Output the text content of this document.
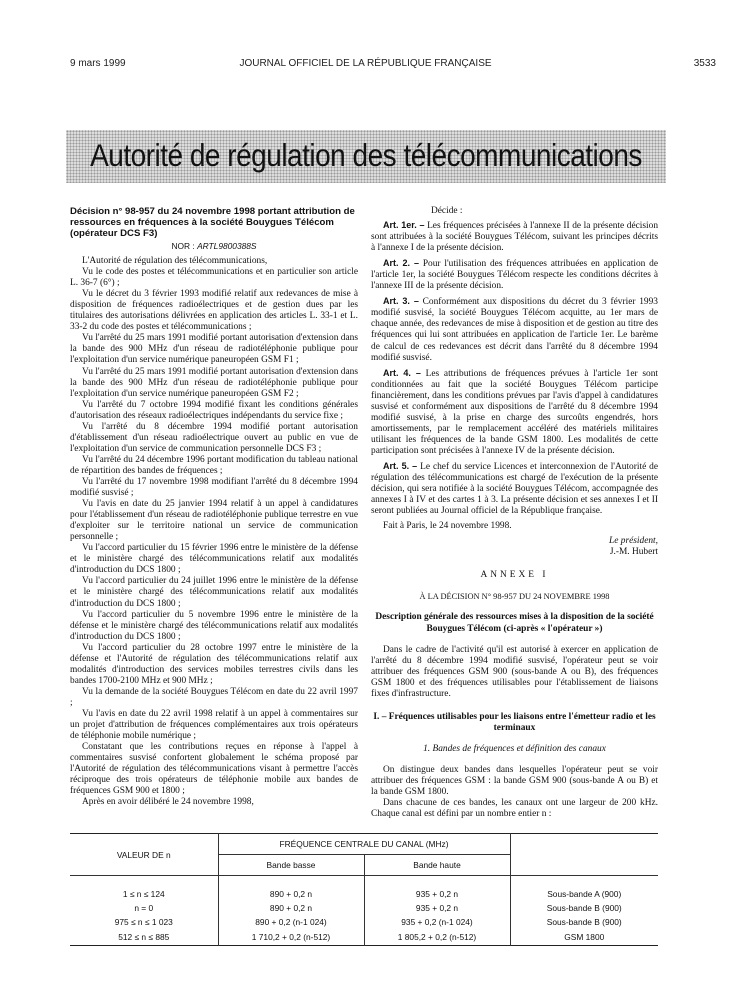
9 mars 1999	JOURNAL OFFICIEL DE LA RÉPUBLIQUE FRANÇAISE	3533
Autorité de régulation des télécommunications

Décision n° 98-957 du 24 novembre 1998 portant attribution de ressources en fréquences à la société Bouygues Télécom (opérateur DCS F3)

NOR : ARTL9800388S

L'Autorité de régulation des télécommunications,

Vu le code des postes et télécommunications et en particulier son article L. 36-7 (6°) ;

Vu le décret du 3 février 1993 modifié relatif aux redevances de mise à disposition de fréquences radioélectriques et de gestion dues par les titulaires des autorisations délivrées en application des articles L. 33-1 et L. 33-2 du code des postes et télécommunications ;

Vu l'arrêté du 25 mars 1991 modifié portant autorisation d'extension dans la bande des 900 MHz d'un réseau de radiotéléphonie publique pour l'exploitation d'un service numérique paneuropéen GSM F1 ;

Vu l'arrêté du 25 mars 1991 modifié portant autorisation d'extension dans la bande des 900 MHz d'un réseau de radiotéléphonie publique pour l'exploitation d'un service numérique paneuropéen GSM F2 ;

Vu l'arrêté du 7 octobre 1994 modifié fixant les conditions générales d'autorisation des réseaux radioélectriques indépendants du service fixe ;

Vu l'arrêté du 8 décembre 1994 modifié portant autorisation d'établissement d'un réseau radioélectrique ouvert au public en vue de l'exploitation d'un service de communication personnelle DCS F3 ;

Vu l'arrêté du 24 décembre 1996 portant modification du tableau national de répartition des bandes de fréquences ;

Vu l'arrêté du 17 novembre 1998 modifiant l'arrêté du 8 décembre 1994 modifié susvisé ;

Vu l'avis en date du 25 janvier 1994 relatif à un appel à candidatures pour l'établissement d'un réseau de radiotéléphonie publique terrestre en vue d'exploiter sur le territoire national un service de communication personnelle ;

Vu l'accord particulier du 15 février 1996 entre le ministère de la défense et le ministère chargé des télécommunications relatif aux modalités d'introduction du DCS 1800 ;

Vu l'accord particulier du 24 juillet 1996 entre le ministère de la défense et le ministère chargé des télécommunications relatif aux modalités d'introduction du DCS 1800 ;

Vu l'accord particulier du 5 novembre 1996 entre le ministère de la défense et le ministère chargé des télécommunications relatif aux modalités d'introduction du DCS 1800 ;

Vu l'accord particulier du 28 octobre 1997 entre le ministère de la défense et l'Autorité de régulation des télécommunications relatif aux modalités d'introduction des services mobiles terrestres civils dans les bandes 1700-2100 MHz et 900 MHz ;

Vu la demande de la société Bouygues Télécom en date du 22 avril 1997 ;

Vu l'avis en date du 22 avril 1998 relatif à un appel à commentaires sur un projet d'attribution de fréquences complémentaires aux trois opérateurs de téléphonie mobile numérique ;

Constatant que les contributions reçues en réponse à l'appel à commentaires susvisé confortent globalement le schéma proposé par l'Autorité de régulation des télécommunications visant à permettre l'accès réciproque des trois opérateurs de téléphonie mobile aux bandes de fréquences GSM 900 et 1800 ;

Après en avoir délibéré le 24 novembre 1998,

Décide :

Art. 1er. – Les fréquences précisées à l'annexe II de la présente décision sont attribuées à la société Bouygues Télécom, suivant les principes décrits à l'annexe I de la présente décision.

Art. 2. – Pour l'utilisation des fréquences attribuées en application de l'article 1er, la société Bouygues Télécom respecte les conditions décrites à l'annexe III de la présente décision.

Art. 3. – Conformément aux dispositions du décret du 3 février 1993 modifié susvisé, la société Bouygues Télécom acquitte, au 1er mars de chaque année, des redevances de mise à disposition et de gestion au titre des fréquences qui lui sont attribuées en application de l'article 1er. Le barème de calcul de ces redevances est décrit dans l'arrêté du 8 décembre 1994 modifié susvisé.

Art. 4. – Les attributions de fréquences prévues à l'article 1er sont conditionnées au fait que la société Bouygues Télécom participe financièrement, dans les conditions prévues par l'avis d'appel à candidatures susvisé et conformément aux dispositions de l'arrêté du 8 décembre 1994 modifié susvisé, à la prise en charge des surcoûts engendrés, hors amortissements, par le remplacement accéléré des matériels militaires utilisant les fréquences de la bande GSM 1800. Les modalités de cette participation sont précisées à l'annexe IV de la présente décision.

Art. 5. – Le chef du service Licences et interconnexion de l'Autorité de régulation des télécommunications est chargé de l'exécution de la présente décision, qui sera notifiée à la société Bouygues Télécom, accompagnée des annexes I à IV et des cartes 1 à 3. La présente décision et ses annexes I et II seront publiées au Journal officiel de la République française.

Fait à Paris, le 24 novembre 1998.

Le président,

J.-M. Hubert

ANNEXE I

À LA DÉCISION N° 98-957 DU 24 NOVEMBRE 1998

Description générale des ressources mises à la disposition de la société Bouygues Télécom (ci-après « l'opérateur »)

Dans le cadre de l'activité qu'il est autorisé à exercer en application de l'arrêté du 8 décembre 1994 modifié susvisé, l'opérateur peut se voir attribuer des fréquences GSM 900 (sous-bande A ou B), des fréquences GSM 1800 et des fréquences utilisables pour l'établissement de liaisons fixes d'infrastructure.

I. – Fréquences utilisables pour les liaisons entre l'émetteur radio et les terminaux

1. Bandes de fréquences et définition des canaux

On distingue deux bandes dans lesquelles l'opérateur peut se voir attribuer des fréquences GSM : la bande GSM 900 (sous-bande A ou B) et la bande GSM 1800.

Dans chacune de ces bandes, les canaux ont une largeur de 200 kHz. Chaque canal est défini par un nombre entier n :

VALEUR DE n	FRÉQUENCE CENTRALE DU CANAL (MHz)		
	Bande basse	Bande haute	

1 ≤ n ≤ 124	890 + 0,2 n	935 + 0,2 n	Sous-bande A (900)
n = 0	890 + 0,2 n	935 + 0,2 n	Sous-bande B (900)
975 ≤ n ≤ 1 023	890 + 0,2 (n-1 024)	935 + 0,2 (n-1 024)	Sous-bande B (900)
512 ≤ n ≤ 885	1 710,2 + 0,2 (n-512)	1 805,2 + 0,2 (n-512)	GSM 1800
